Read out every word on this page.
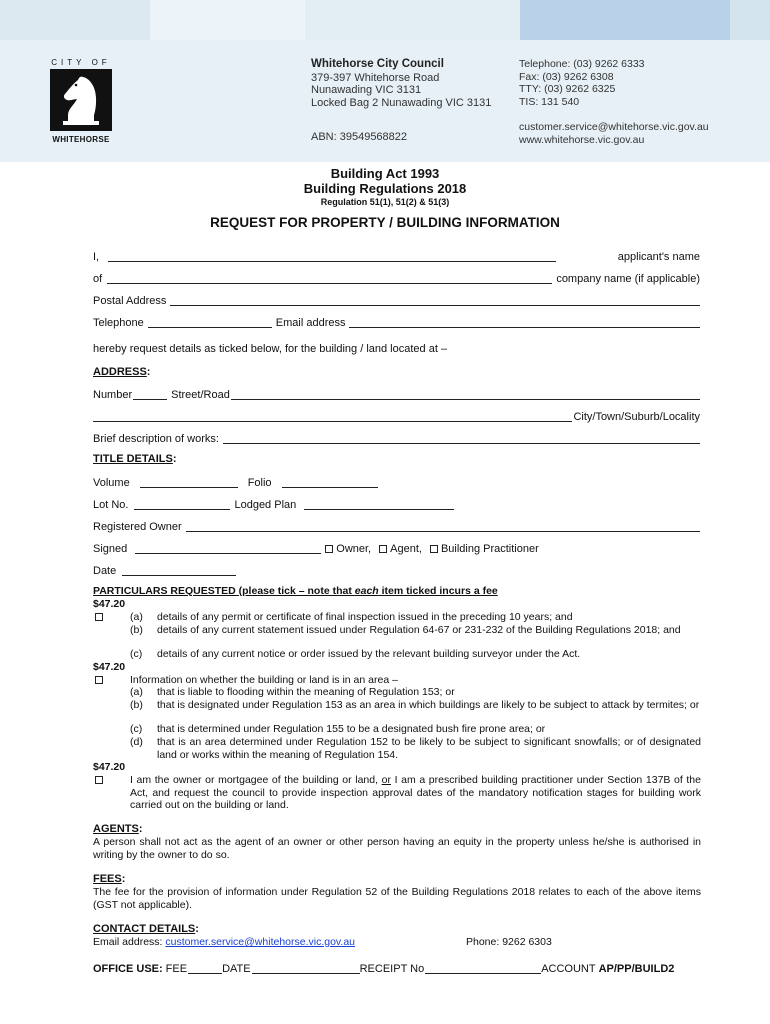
CITY OF
WHITEHORSE
Whitehorse City Council
379-397 Whitehorse Road
Nunawading VIC 3131
Locked Bag 2 Nunawading VIC 3131
ABN: 39549568822
Telephone: (03) 9262 6333
Fax: (03) 9262 6308
TTY: (03) 9262 6325
TIS: 131 540
customer.service@whitehorse.vic.gov.au
www.whitehorse.vic.gov.au
Building Act 1993
Building Regulations 2018
Regulation 51(1), 51(2) & 51(3)
REQUEST FOR PROPERTY / BUILDING INFORMATION
I,	applicant's name
of	company name (if applicable)
Postal Address
Telephone	Email address
hereby request details as ticked below, for the building / land located at –
ADDRESS:
Number	Street/Road
City/Town/Suburb/Locality
Brief description of works:
TITLE DETAILS:
Volume	Folio
Lot No.	Lodged Plan
Registered Owner
Signed	Owner,	Agent,	Building Practitioner
Date
PARTICULARS REQUESTED (please tick – note that each item ticked incurs a fee
$47.20
(a) details of any permit or certificate of final inspection issued in the preceding 10 years; and
(b) details of any current statement issued under Regulation 64-67 or 231-232 of the Building Regulations 2018; and
(c) details of any current notice or order issued by the relevant building surveyor under the Act.
$47.20
Information on whether the building or land is in an area –
(a) that is liable to flooding within the meaning of Regulation 153; or
(b) that is designated under Regulation 153 as an area in which buildings are likely to be subject to attack by termites; or
(c) that is determined under Regulation 155 to be a designated bush fire prone area; or
(d) that is an area determined under Regulation 152 to be likely to be subject to significant snowfalls; or of designated land or works within the meaning of Regulation 154.
$47.20
I am the owner or mortgagee of the building or land, or I am a prescribed building practitioner under Section 137B of the Act, and request the council to provide inspection approval dates of the mandatory notification stages for building work carried out on the building or land.
AGENTS:
A person shall not act as the agent of an owner or other person having an equity in the property unless he/she is authorised in writing by the owner to do so.
FEES:
The fee for the provision of information under Regulation 52 of the Building Regulations 2018 relates to each of the above items (GST not applicable).
CONTACT DETAILS:
Email address: customer.service@whitehorse.vic.gov.au	Phone: 9262 6303
OFFICE USE: FEE	DATE	RECEIPT No	ACCOUNT AP/PP/BUILD2
